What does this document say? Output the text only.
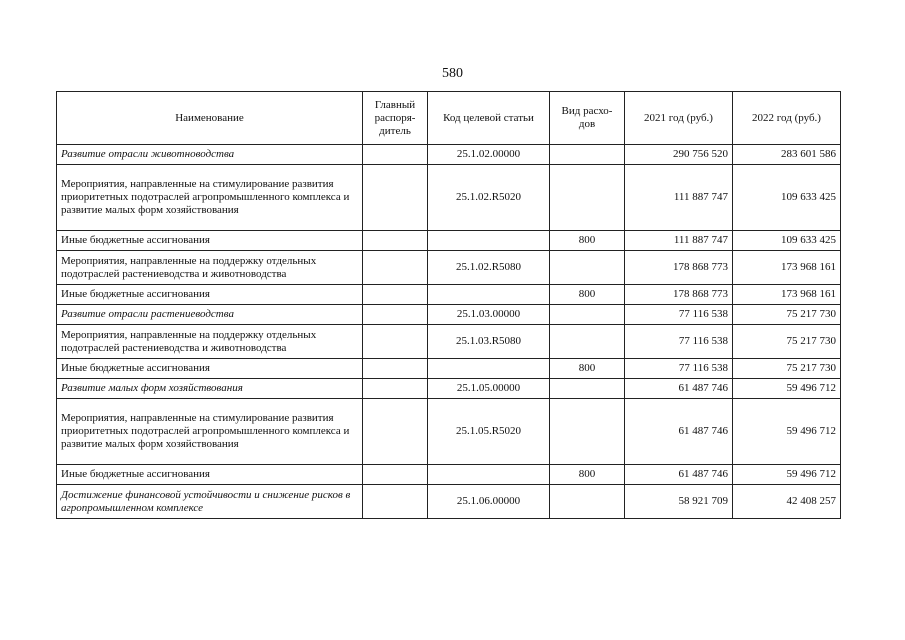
580
Наименование	Главный распоря-дитель	Код целевой статьи	Вид расхо-дов	2021 год (руб.)	2022 год (руб.)
Развитие отрасли животноводства		25.1.02.00000		290 756 520	283 601 586
Мероприятия, направленные на стимулирование развития приоритетных подотраслей агропромышленного комплекса и развитие малых форм хозяйствования		25.1.02.R5020		111 887 747	109 633 425
Иные бюджетные ассигнования			800	111 887 747	109 633 425
Мероприятия, направленные на поддержку отдельных подотраслей растениеводства и животноводства		25.1.02.R5080		178 868 773	173 968 161
Иные бюджетные ассигнования			800	178 868 773	173 968 161
Развитие отрасли растениеводства		25.1.03.00000		77 116 538	75 217 730
Мероприятия, направленные на поддержку отдельных подотраслей растениеводства и животноводства		25.1.03.R5080		77 116 538	75 217 730
Иные бюджетные ассигнования			800	77 116 538	75 217 730
Развитие малых форм хозяйствования		25.1.05.00000		61 487 746	59 496 712
Мероприятия, направленные на стимулирование развития приоритетных подотраслей агропромышленного комплекса и развитие малых форм хозяйствования		25.1.05.R5020		61 487 746	59 496 712
Иные бюджетные ассигнования			800	61 487 746	59 496 712
Достижение финансовой устойчивости и снижение рисков в агропромышленном комплексе		25.1.06.00000		58 921 709	42 408 257
